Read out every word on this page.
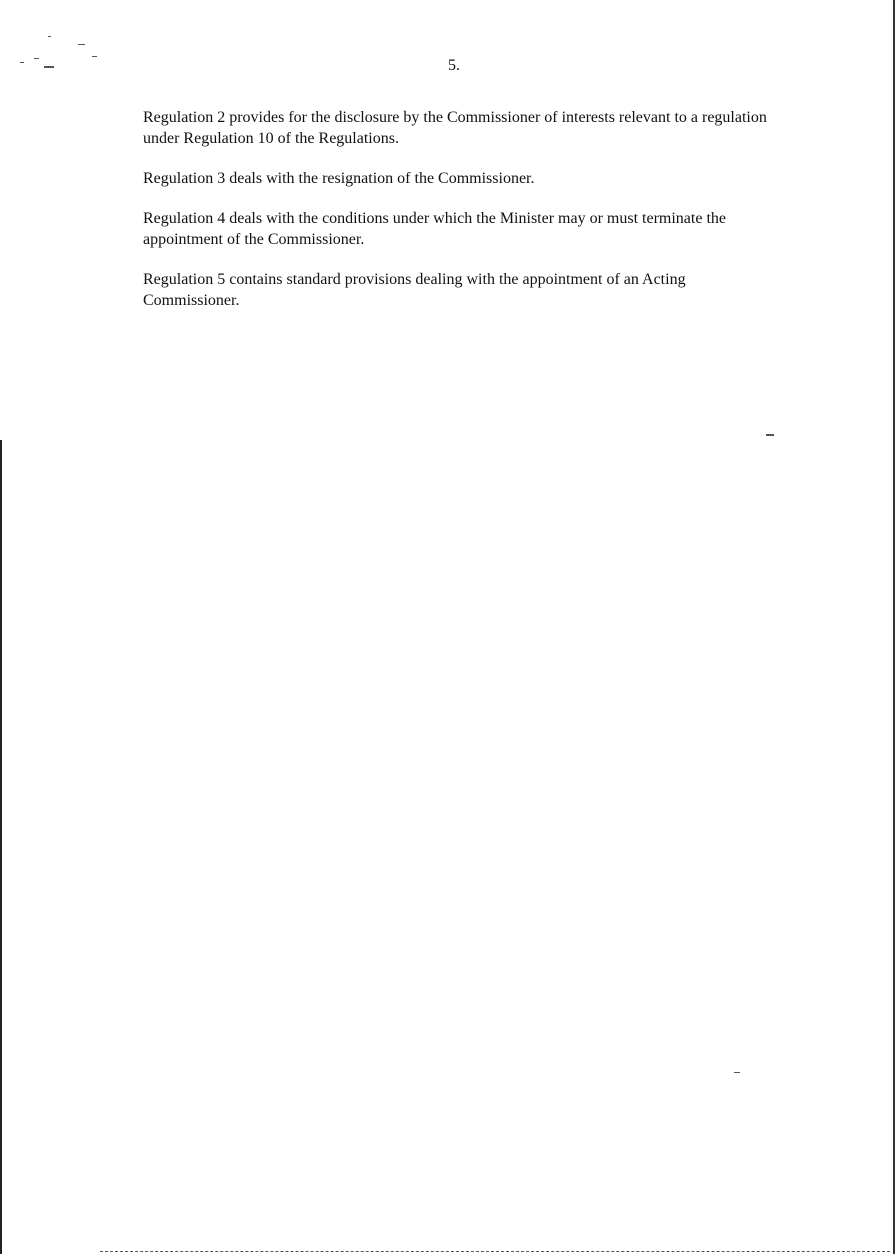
5.

Regulation 2 provides for the disclosure by the Commissioner of interests relevant to a regulation under Regulation 10 of the Regulations.

Regulation 3 deals with the resignation of the Commissioner.

Regulation 4 deals with the conditions under which the Minister may or must terminate the appointment of the Commissioner.

Regulation 5 contains standard provisions dealing with the appointment of an Acting Commissioner.
